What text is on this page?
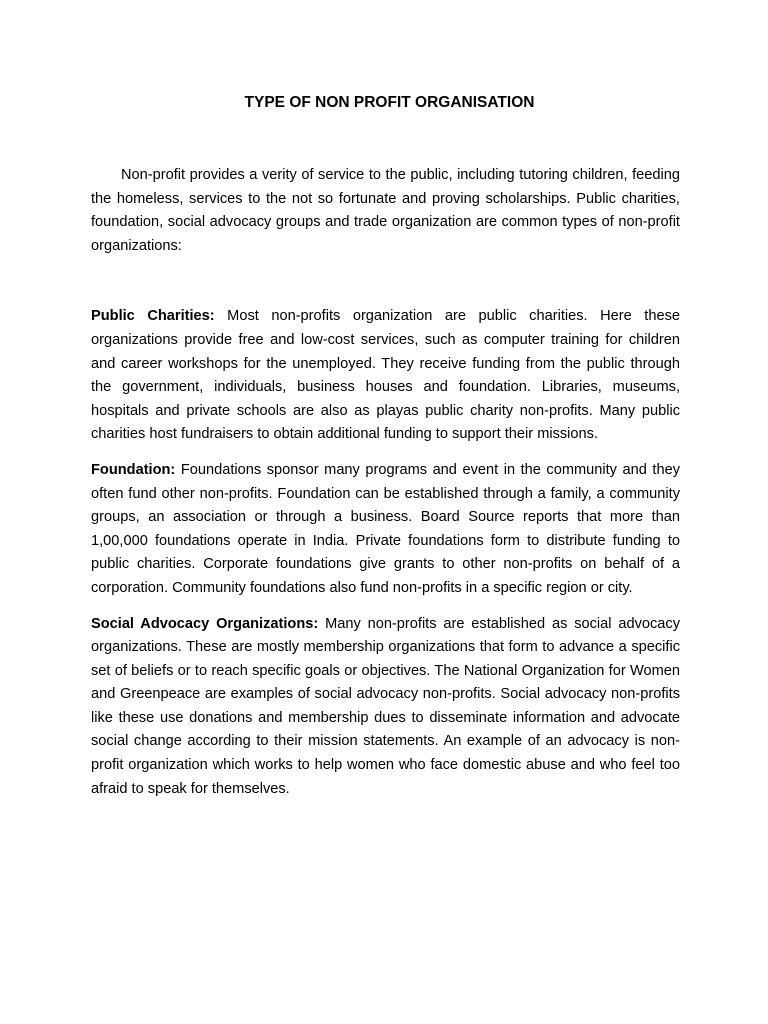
TYPE OF NON PROFIT ORGANISATION

Non-profit provides a verity of service to the public, including tutoring children, feeding the homeless, services to the not so fortunate and proving scholarships. Public charities, foundation, social advocacy groups and trade organization are common types of non-profit organizations:

Public Charities: Most non-profits organization are public charities. Here these organizations provide free and low-cost services, such as computer training for children and career workshops for the unemployed. They receive funding from the public through the government, individuals, business houses and foundation. Libraries, museums, hospitals and private schools are also as playas public charity non-profits. Many public charities host fundraisers to obtain additional funding to support their missions.

Foundation: Foundations sponsor many programs and event in the community and they often fund other non-profits. Foundation can be established through a family, a community groups, an association or through a business. Board Source reports that more than 1,00,000 foundations operate in India. Private foundations form to distribute funding to public charities. Corporate foundations give grants to other non-profits on behalf of a corporation. Community foundations also fund non-profits in a specific region or city.

Social Advocacy Organizations: Many non-profits are established as social advocacy organizations. These are mostly membership organizations that form to advance a specific set of beliefs or to reach specific goals or objectives. The National Organization for Women and Greenpeace are examples of social advocacy non-profits. Social advocacy non-profits like these use donations and membership dues to disseminate information and advocate social change according to their mission statements. An example of an advocacy is non-profit organization which works to help women who face domestic abuse and who feel too afraid to speak for themselves.
